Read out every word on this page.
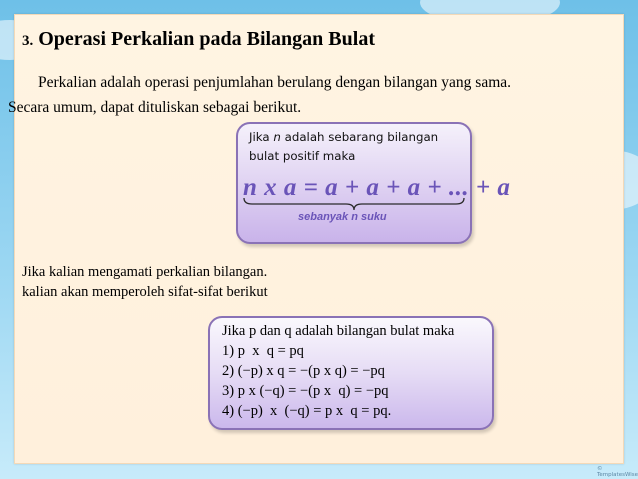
3. Operasi Perkalian pada Bilangan Bulat
Perkalian adalah operasi penjumlahan berulang dengan bilangan yang sama.
Secara umum, dapat dituliskan sebagai berikut.
Jika n adalah sebarang bilangan
bulat positif maka
n x a = a + a + a + ... + a
sebanyak n suku
Jika kalian mengamati perkalian bilangan.
kalian akan memperoleh sifat-sifat berikut
Jika p dan q adalah bilangan bulat maka
1) p  x  q = pq
2) (−p) x q = −(p x q) = −pq
3) p x (−q) = −(p x  q) = −pq
4) (−p)  x  (−q) = p x  q = pq.
© TemplatesWise
